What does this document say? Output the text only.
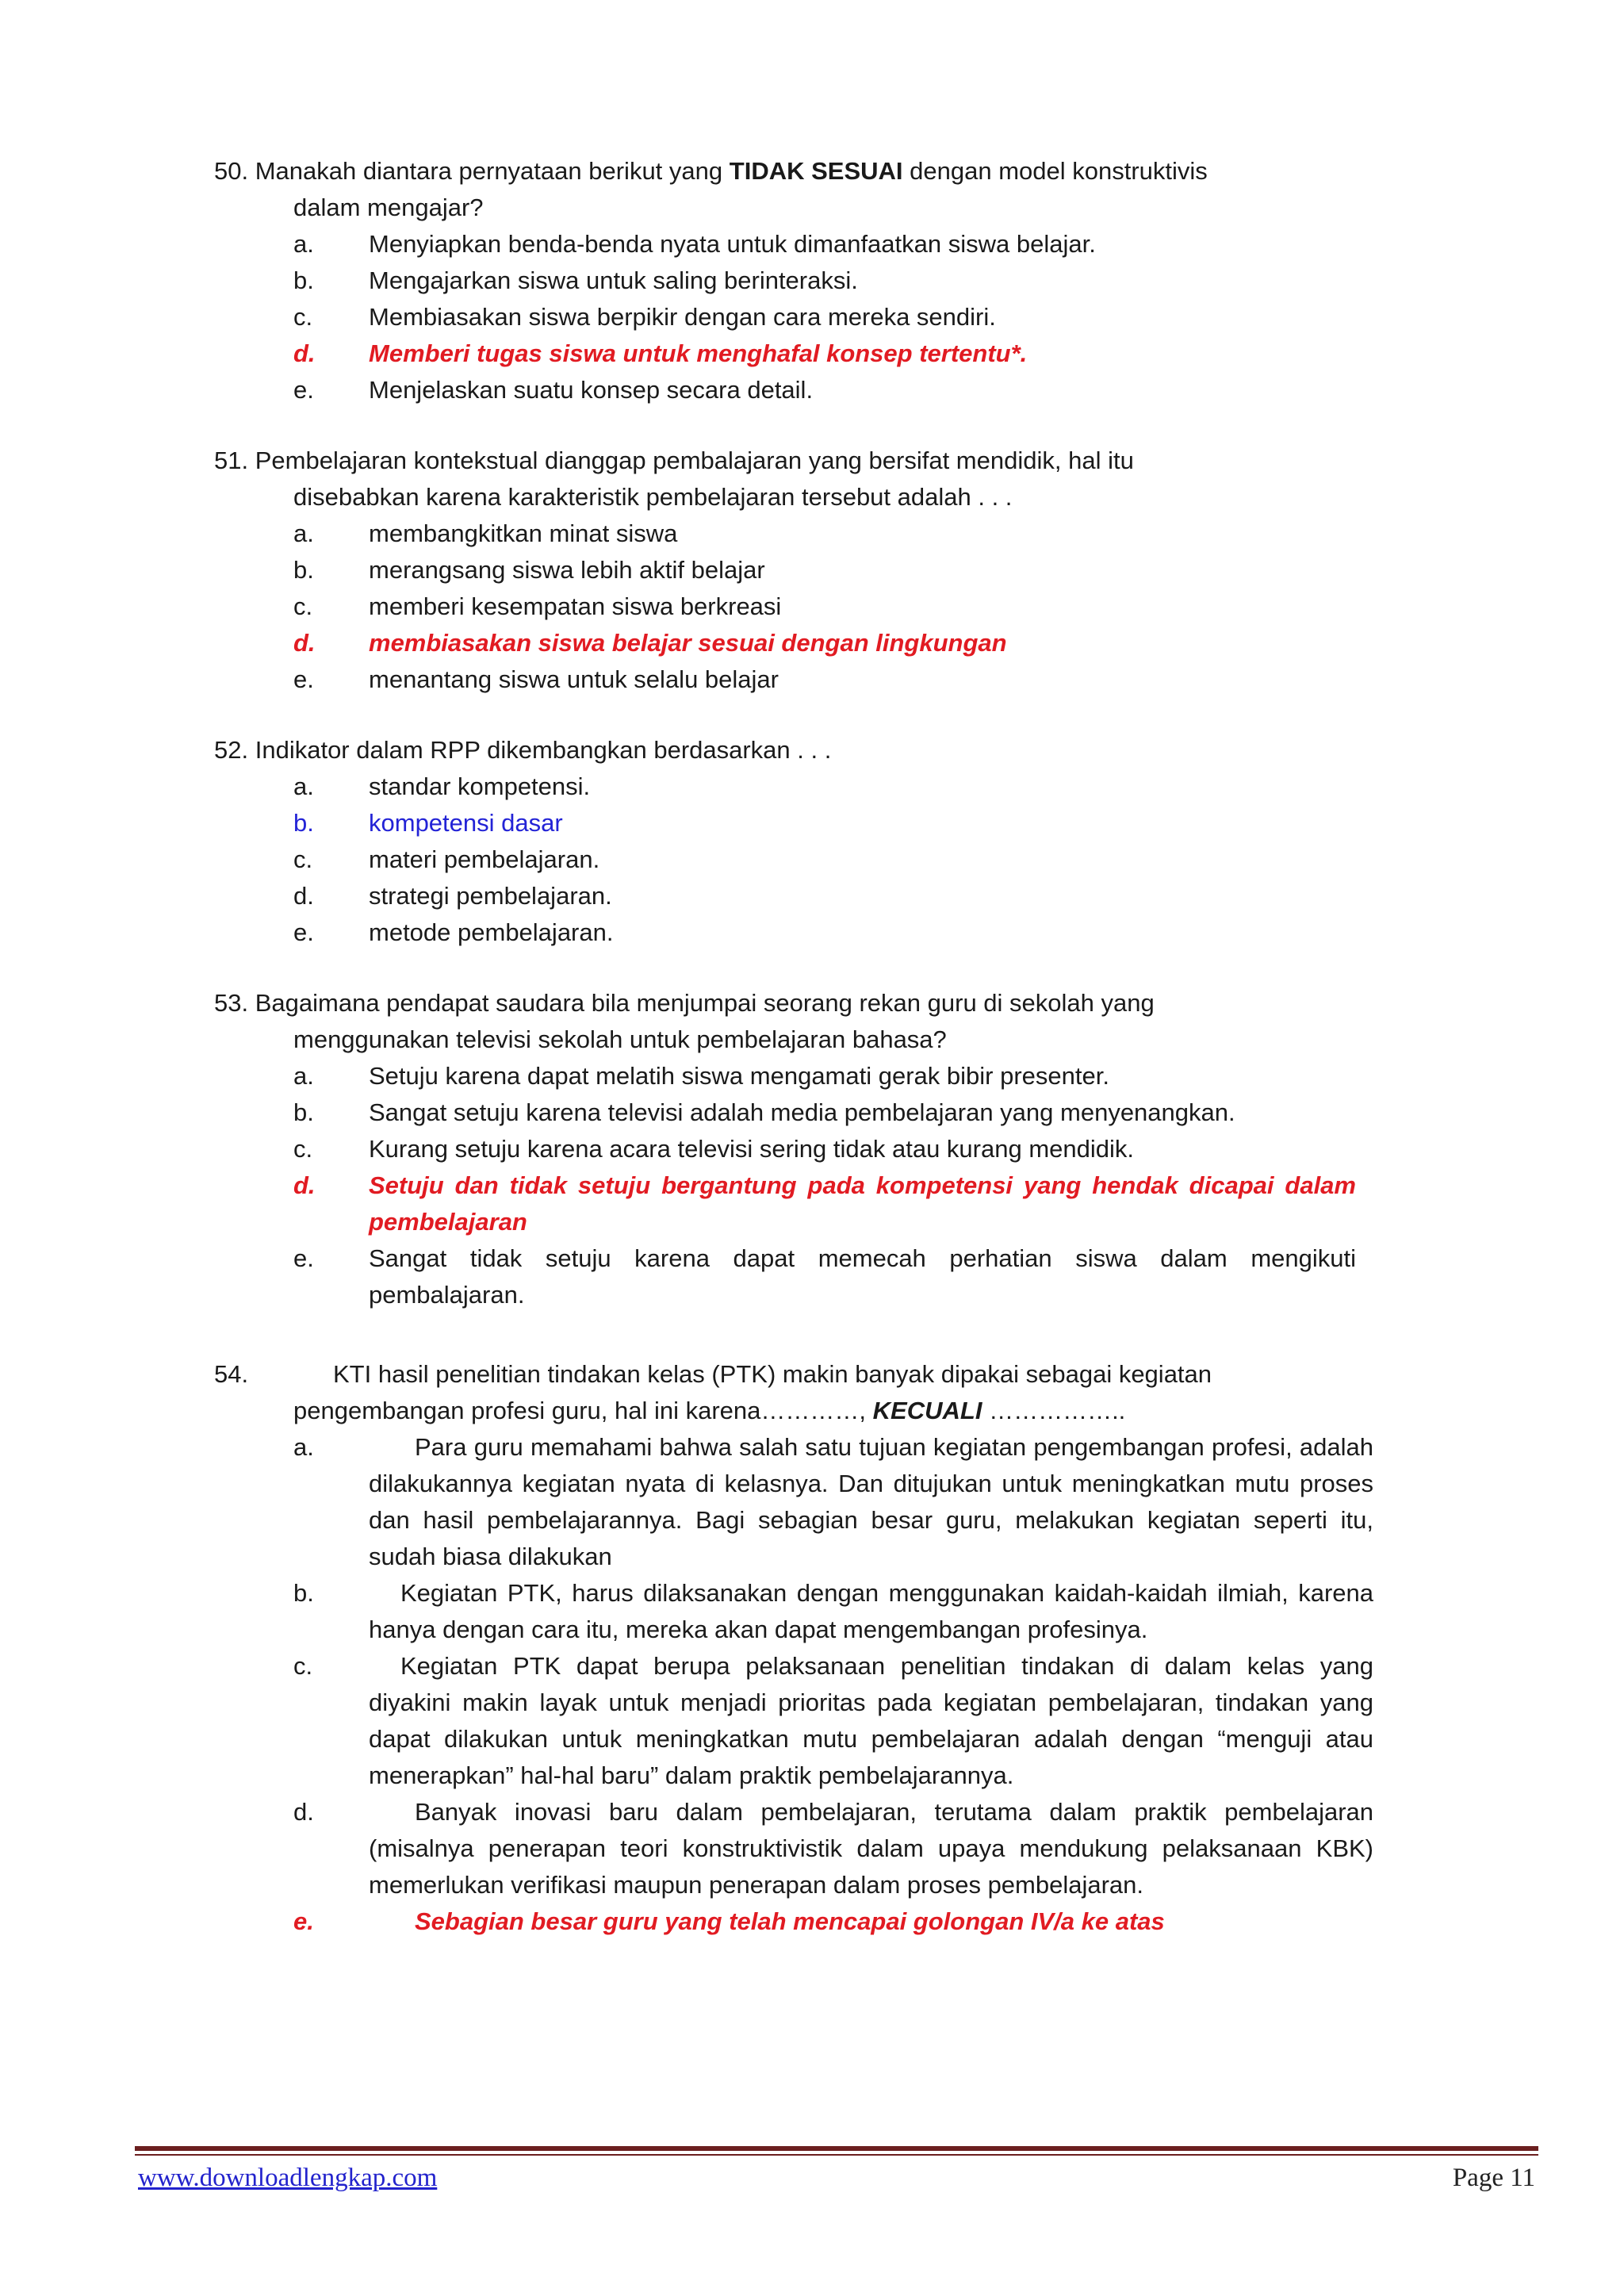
50. Manakah diantara pernyataan berikut yang TIDAK SESUAI dengan model konstruktivis
dalam mengajar?
a. Menyiapkan benda-benda nyata untuk dimanfaatkan siswa belajar.
b. Mengajarkan siswa untuk saling berinteraksi.
c. Membiasakan siswa berpikir dengan cara mereka sendiri.
d. Memberi tugas siswa untuk menghafal konsep tertentu*.
e. Menjelaskan suatu konsep secara detail.
51. Pembelajaran kontekstual dianggap pembalajaran yang bersifat mendidik, hal itu
disebabkan karena karakteristik pembelajaran tersebut adalah . . .
a. membangkitkan minat siswa
b. merangsang siswa lebih aktif belajar
c. memberi kesempatan siswa berkreasi
d. membiasakan siswa belajar sesuai dengan lingkungan
e. menantang siswa untuk selalu belajar
52. Indikator dalam RPP dikembangkan berdasarkan . . .
a. standar kompetensi.
b. kompetensi dasar
c. materi pembelajaran.
d. strategi pembelajaran.
e. metode pembelajaran.
53. Bagaimana pendapat saudara bila menjumpai seorang rekan guru di sekolah yang
menggunakan televisi sekolah untuk pembelajaran bahasa?
a. Setuju karena dapat melatih siswa mengamati gerak bibir presenter.
b. Sangat setuju karena televisi adalah media pembelajaran yang menyenangkan.
c. Kurang setuju karena acara televisi sering tidak atau kurang mendidik.
d. Setuju dan tidak setuju bergantung pada kompetensi yang hendak dicapai dalam pembelajaran
e. Sangat tidak setuju karena dapat memecah perhatian siswa dalam mengikuti pembalajaran.
54.	KTI hasil penelitian tindakan kelas (PTK) makin banyak dipakai sebagai kegiatan
pengembangan profesi guru, hal ini karena…………, KECUALI ……………..
a.	Para guru memahami bahwa salah satu tujuan kegiatan pengembangan profesi, adalah dilakukannya kegiatan nyata di kelasnya. Dan ditujukan untuk meningkatkan mutu proses dan hasil pembelajarannya. Bagi sebagian besar guru, melakukan kegiatan seperti itu, sudah biasa dilakukan
b.	Kegiatan PTK, harus dilaksanakan dengan menggunakan kaidah-kaidah ilmiah, karena hanya dengan cara itu, mereka akan dapat mengembangan profesinya.
c.	Kegiatan PTK dapat berupa pelaksanaan penelitian tindakan di dalam kelas yang diyakini makin layak untuk menjadi prioritas pada kegiatan pembelajaran, tindakan yang dapat dilakukan untuk meningkatkan mutu pembelajaran adalah dengan “menguji atau menerapkan” hal-hal baru” dalam praktik pembelajarannya.
d.	Banyak inovasi baru dalam pembelajaran, terutama dalam praktik pembelajaran (misalnya penerapan teori konstruktivistik dalam upaya mendukung pelaksanaan KBK) memerlukan verifikasi maupun penerapan dalam proses pembelajaran.
e.	Sebagian besar guru yang telah mencapai golongan IV/a ke atas
www.downloadlengkap.com	Page 11
